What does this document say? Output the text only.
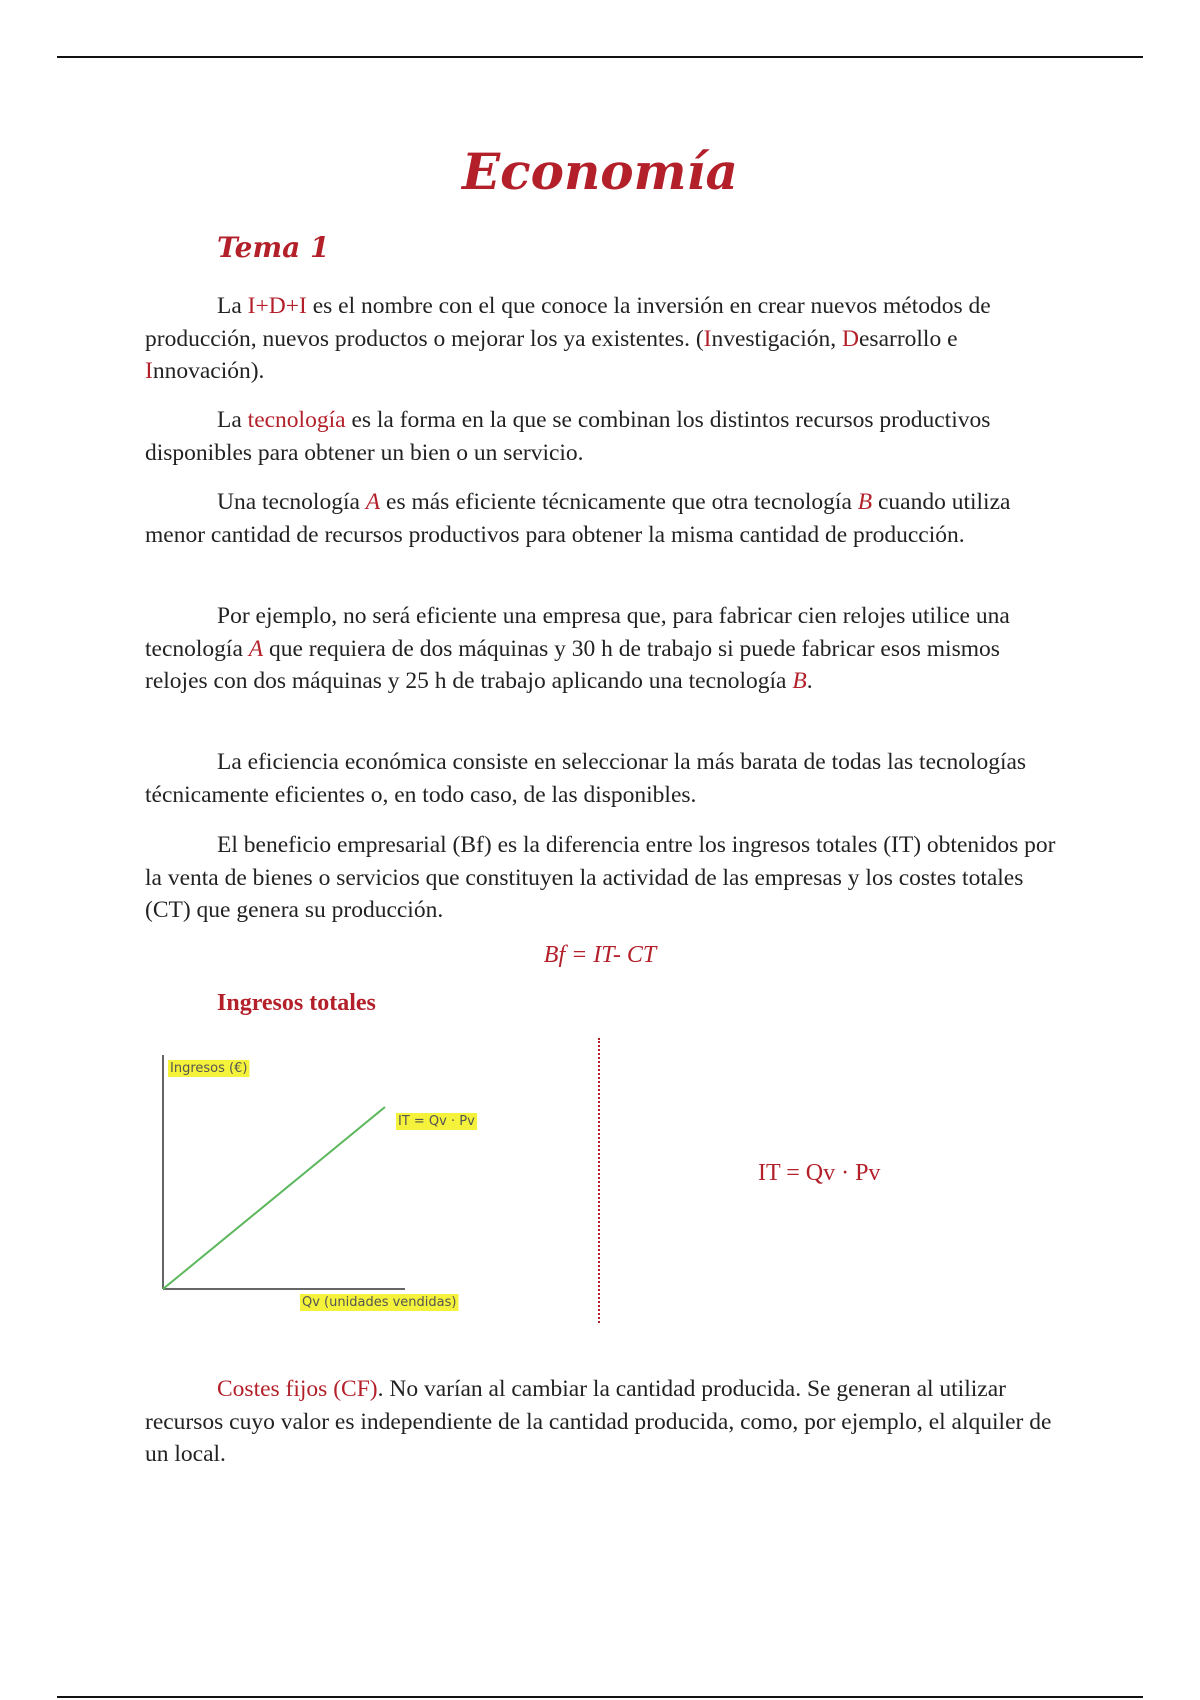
Economía
Tema 1

La I+D+I es el nombre con el que conoce la inversión en crear nuevos métodos de producción, nuevos productos o mejorar los ya existentes. (Investigación, Desarrollo e Innovación).

La tecnología es la forma en la que se combinan los distintos recursos productivos disponibles para obtener un bien o un servicio.

Una tecnología A es más eficiente técnicamente que otra tecnología B cuando utiliza menor cantidad de recursos productivos para obtener la misma cantidad de producción.

Por ejemplo, no será eficiente una empresa que, para fabricar cien relojes utilice una tecnología A que requiera de dos máquinas y 30 h de trabajo si puede fabricar esos mismos relojes con dos máquinas y 25 h de trabajo aplicando una tecnología B.

La eficiencia económica consiste en seleccionar la más barata de todas las tecnologías técnicamente eficientes o, en todo caso, de las disponibles.

El beneficio empresarial (Bf) es la diferencia entre los ingresos totales (IT) obtenidos por la venta de bienes o servicios que constituyen la actividad de las empresas y los costes totales (CT) que genera su producción.

Bf = IT- CT

Ingresos totales
Ingresos (€)
IT = Qv · Pv
Qv (unidades vendidas)

IT = Qv · Pv

Costes fijos (CF). No varían al cambiar la cantidad producida. Se generan al utilizar recursos cuyo valor es independiente de la cantidad producida, como, por ejemplo, el alquiler de un local.
